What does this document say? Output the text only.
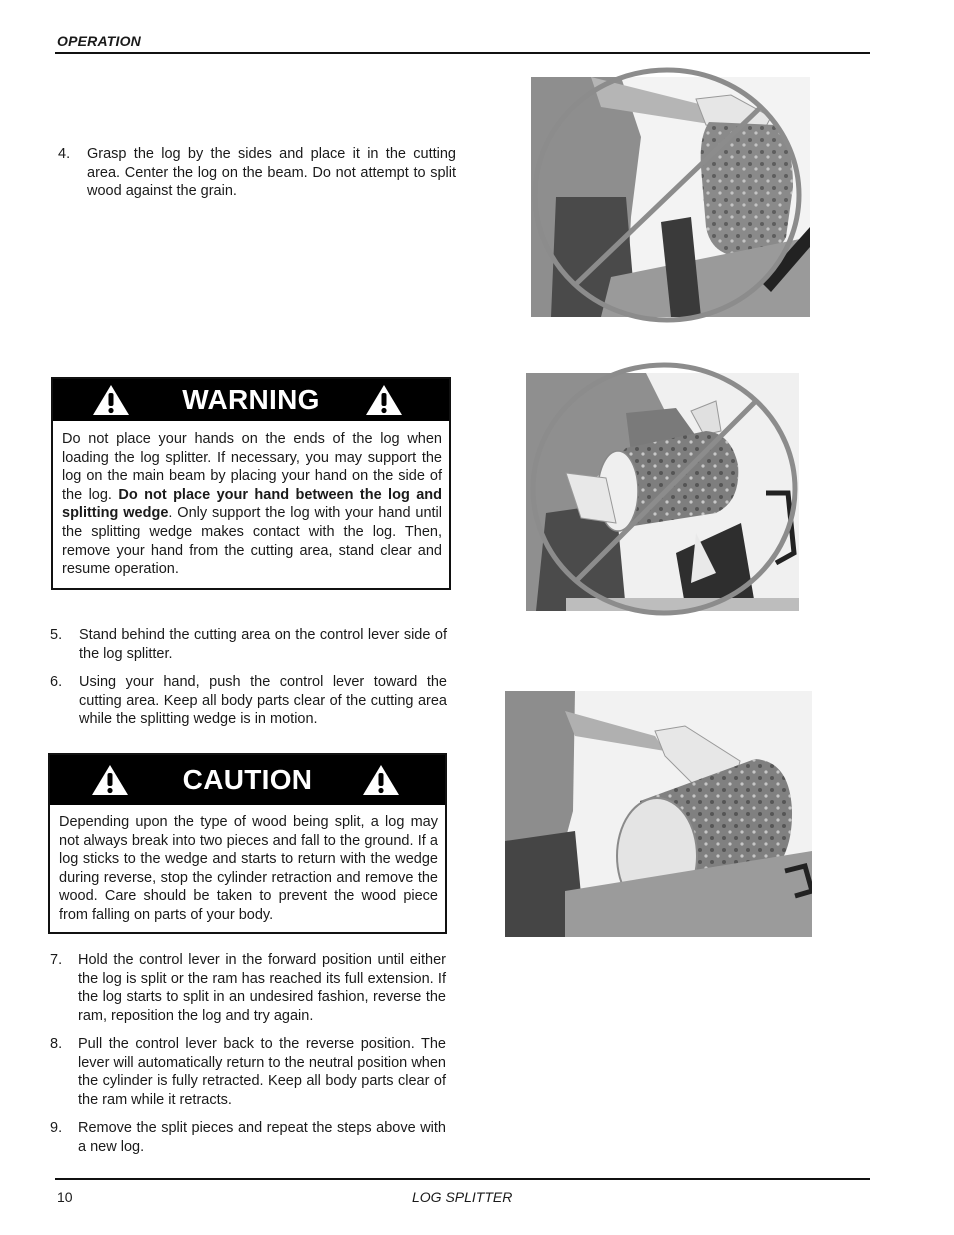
OPERATION
4.	Grasp the log by the sides and place it in the cutting area. Center the log on the beam. Do not attempt to split wood against the grain.
WARNING
Do not place your hands on the ends of the log when loading the log splitter. If necessary, you may support the log on the main beam by placing your hand on the side of the log. Do not place your hand between the log and splitting wedge. Only support the log with your hand until the splitting wedge makes contact with the log. Then, remove your hand from the cutting area, stand clear and resume operation.
5.	Stand behind the cutting area on the control lever side of the log splitter.
6.	Using your hand, push the control lever toward the cutting area. Keep all body parts clear of the cutting area while the splitting wedge is in motion.
CAUTION
Depending upon the type of wood being split, a log may not always break into two pieces and fall to the ground. If a log sticks to the wedge and starts to return with the wedge during reverse, stop the cylinder retraction and remove the wood. Care should be taken to prevent the wood piece from falling on parts of your body.
7.	Hold the control lever in the forward position until either the log is split or the ram has reached its full extension. If the log starts to split in an undesired fashion, reverse the ram, reposition the log and try again.
8.	Pull the control lever back to the reverse position. The lever will automatically return to the neutral position when the cylinder is fully retracted. Keep all body parts clear of the ram while it retracts.
9.	Remove the split pieces and repeat the steps above with a new log.
10	LOG SPLITTER
